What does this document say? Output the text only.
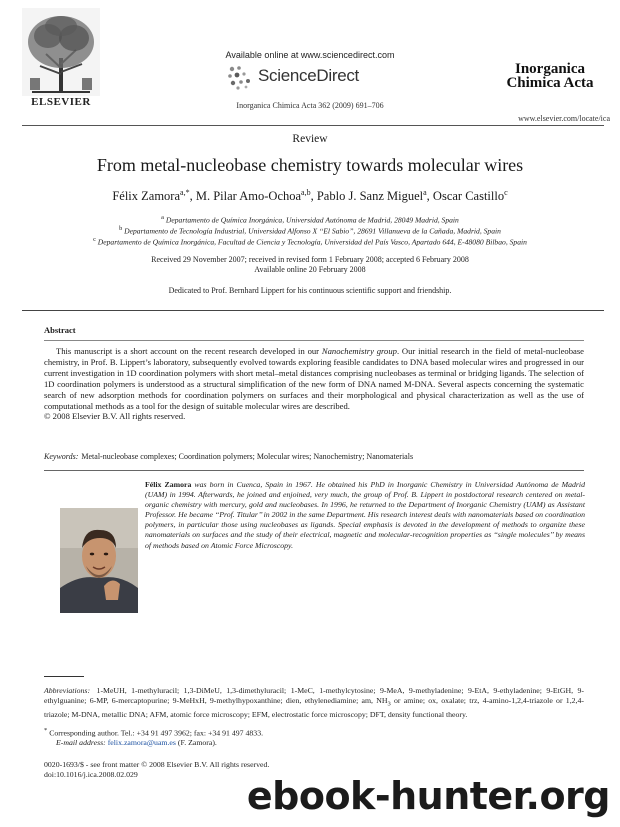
ELSEVIER
Available online at www.sciencedirect.com
ScienceDirect
Inorganica Chimica Acta 362 (2009) 691–706
Inorganica
Chimica Acta
www.elsevier.com/locate/ica
Review
From metal-nucleobase chemistry towards molecular wires
Félix Zamora$^{a,*}$, M. Pilar Amo-Ochoa$^{a,b}$, Pablo J. Sanz Miguel$^a$, Oscar Castillo$^c$
$^a$ Departamento de Química Inorgánica, Universidad Autónoma de Madrid, 28049 Madrid, Spain
$^b$ Departamento de Tecnología Industrial, Universidad Alfonso X ‘‘El Sabio’’, 28691 Villanueva de la Cañada, Madrid, Spain
$^c$ Departamento de Química Inorgánica, Facultad de Ciencia y Tecnología, Universidad del País Vasco, Apartado 644, E-48080 Bilbao, Spain
Received 29 November 2007; received in revised form 1 February 2008; accepted 6 February 2008
Available online 20 February 2008
Dedicated to Prof. Bernhard Lippert for his continuous scientific support and friendship.
Abstract

This manuscript is a short account on the recent research developed in our Nanochemistry group. Our initial research in the field of metal-nucleobase chemistry, in Prof. B. Lippert’s laboratory, subsequently evolved towards exploring feasible candidates to DNA based molecular wires and progressed in our current investigation in 1D coordination polymers with short metal–metal distances comprising nucleobases as terminal or bridging ligands. The selection of 1D coordination polymers is understood as a structural simplification of the new form of DNA named M-DNA. Several aspects concerning the systematic search of new adsorption methods for coordination polymers on surfaces and their morphological and physical characterization as well as the use of computational methods as a tool for the design of suitable molecular wires are described.

© 2008 Elsevier B.V. All rights reserved.

Keywords: Metal-nucleobase complexes; Coordination polymers; Molecular wires; Nanochemistry; Nanomaterials
Félix Zamora was born in Cuenca, Spain in 1967. He obtained his PhD in Inorganic Chemistry in Universidad Autónoma de Madrid (UAM) in 1994. Afterwards, he joined and enjoined, very much, the group of Prof. B. Lippert in postdoctoral research centered on metal-organic chemistry with mercury, gold and nucleobases. In 1996, he returned to the Department of Inorganic Chemistry (UAM) as Assistant Professor. He became ‘‘Prof. Titular’’ in 2002 in the same Department. His research interest deals with nanomaterials based on coordination polymers, in particular those using nucleobases as ligands. Special emphasis is devoted in the development of methods to organize these nanomaterials on surfaces and the study of their electrical, magnetic and molecular-recognition properties as ‘‘single molecules’’ by means of methods based on Atomic Force Microscopy.
Abbreviations: 1-MeUH, 1-methyluracil; 1,3-DiMeU, 1,3-dimethyluracil; 1-MeC, 1-methylcytosine; 9-MeA, 9-methyladenine; 9-EtA, 9-ethyladenine; 9-EtGH, 9-ethylguanine; 6-MP, 6-mercaptopurine; 9-MeHxH, 9-methylhypoxanthine; dien, ethylenediamine; am, $NH_3$ or amine; ox, oxalate; trz, 4-amino-1,2,4-triazole or 1,2,4-triazole; M-DNA, metallic DNA; AFM, atomic force microscopy; EFM, electrostatic force microscopy; DFT, density functional theory.
* Corresponding author. Tel.: +34 91 497 3962; fax: +34 91 497 4833.
E-mail address: felix.zamora@uam.es (F. Zamora).
0020-1693/$ - see front matter © 2008 Elsevier B.V. All rights reserved.
doi:10.1016/j.ica.2008.02.029	ebook-hunter.org
